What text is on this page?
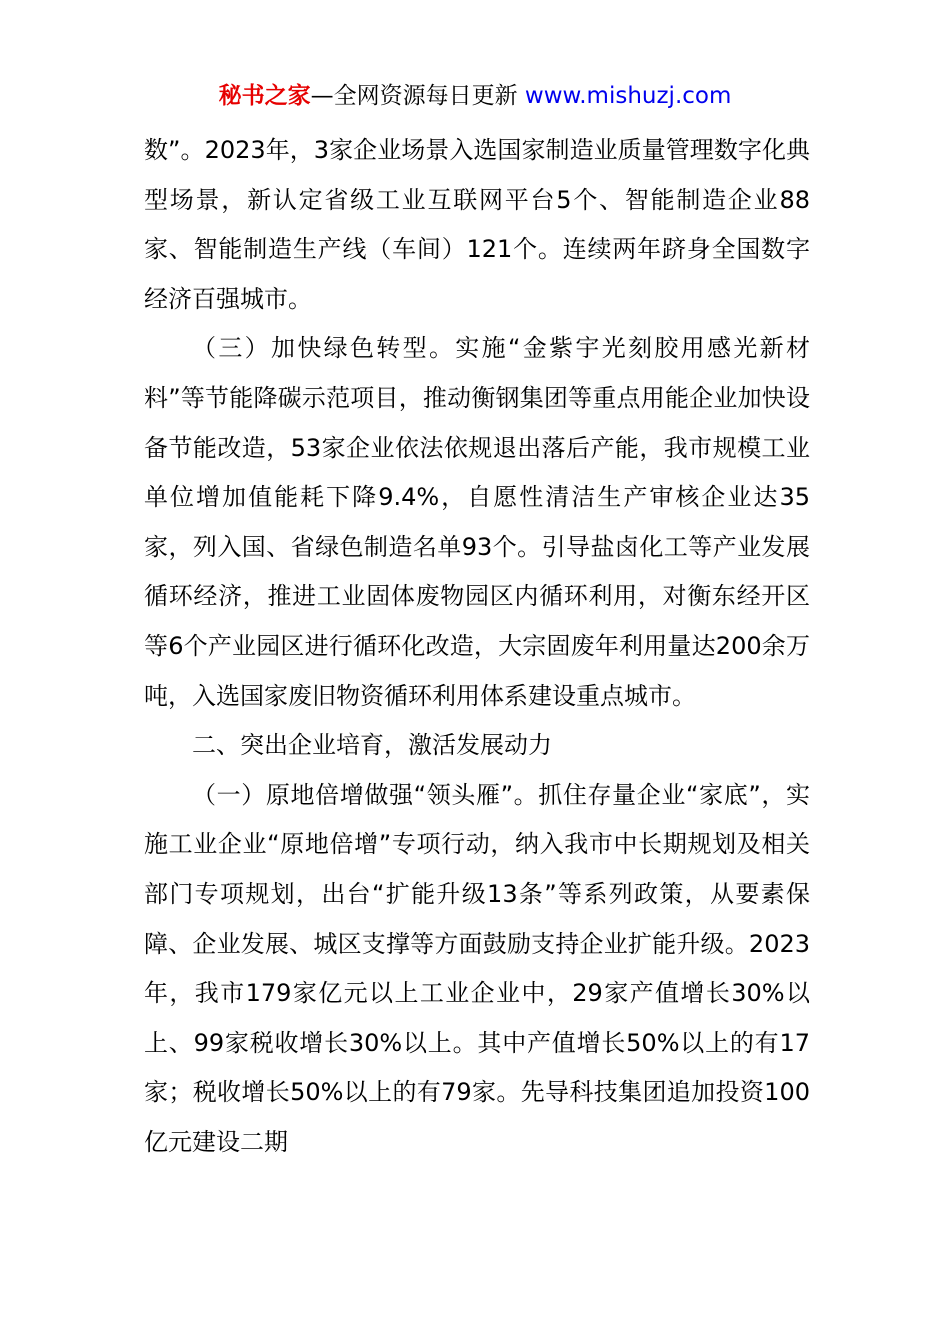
秘书之家—全网资源每日更新 www.mishuzj.com

数”。2023年，3家企业场景入选国家制造业质量管理数字化典型场景，新认定省级工业互联网平台5个、智能制造企业88家、智能制造生产线（车间）121个。连续两年跻身全国数字经济百强城市。

（三）加快绿色转型。实施“金紫宇光刻胶用感光新材料”等节能降碳示范项目，推动衡钢集团等重点用能企业加快设备节能改造，53家企业依法依规退出落后产能，我市规模工业单位增加值能耗下降9.4%，自愿性清洁生产审核企业达35家，列入国、省绿色制造名单93个。引导盐卤化工等产业发展循环经济，推进工业固体废物园区内循环利用，对衡东经开区等6个产业园区进行循环化改造，大宗固废年利用量达200余万吨，入选国家废旧物资循环利用体系建设重点城市。

二、突出企业培育，激活发展动力

（一）原地倍增做强“领头雁”。抓住存量企业“家底”，实施工业企业“原地倍增”专项行动，纳入我市中长期规划及相关部门专项规划，出台“扩能升级13条”等系列政策，从要素保障、企业发展、城区支撑等方面鼓励支持企业扩能升级。2023年，我市179家亿元以上工业企业中，29家产值增长30%以上、99家税收增长30%以上。其中产值增长50%以上的有17家；税收增长50%以上的有79家。先导科技集团追加投资100亿元建设二期
